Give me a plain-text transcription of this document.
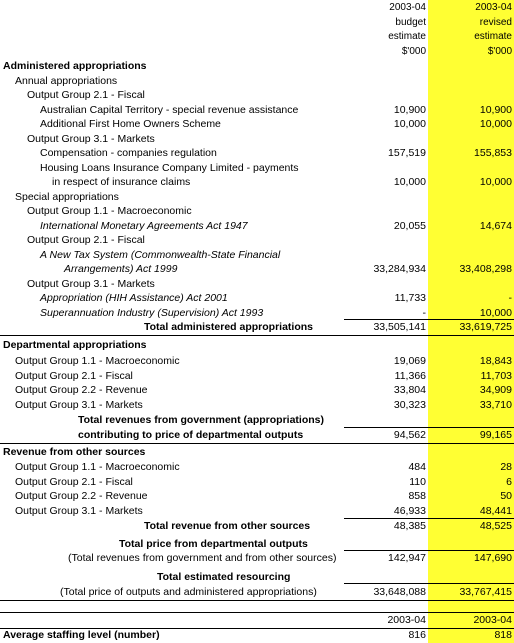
2003-04	2003-04
budget	revised
estimate	estimate
$'000	$'000
Administered appropriations
Annual appropriations
Output Group 2.1 - Fiscal
Australian Capital Territory - special revenue assistance	10,900	10,900
Additional First Home Owners Scheme	10,000	10,000
Output Group 3.1 - Markets
Compensation - companies regulation	157,519	155,853
Housing Loans Insurance Company Limited - payments
in respect of insurance claims	10,000	10,000
Special appropriations
Output Group 1.1 - Macroeconomic
International Monetary Agreements Act 1947	20,055	14,674
Output Group 2.1 - Fiscal
A New Tax System (Commonwealth-State Financial
Arrangements) Act 1999	33,284,934	33,408,298
Output Group 3.1 - Markets
Appropriation (HIH Assistance) Act 2001	11,733	-
Superannuation Industry (Supervision) Act 1993	-	10,000
Total administered appropriations	33,505,141	33,619,725
Departmental appropriations
Output Group 1.1 - Macroeconomic	19,069	18,843
Output Group 2.1 - Fiscal	11,366	11,703
Output Group 2.2 - Revenue	33,804	34,909
Output Group 3.1 - Markets	30,323	33,710
Total revenues from government (appropriations)
contributing to price of departmental outputs	94,562	99,165
Revenue from other sources
Output Group 1.1 - Macroeconomic	484	28
Output Group 2.1 - Fiscal	110	6
Output Group 2.2 - Revenue	858	50
Output Group 3.1 - Markets	46,933	48,441
Total revenue from other sources	48,385	48,525
Total price from departmental outputs
(Total revenues from government and from other sources)	142,947	147,690
Total estimated resourcing
(Total price of outputs and administered appropriations)	33,648,088	33,767,415
2003-04	2003-04
Average staffing level (number)	816	818
